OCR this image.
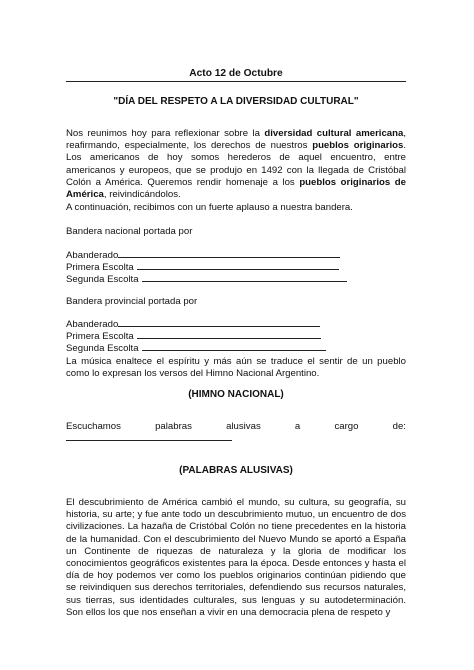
Acto 12 de Octubre
"DÍA DEL RESPETO A LA DIVERSIDAD CULTURAL"
Nos reunimos hoy para reflexionar sobre la diversidad cultural americana, reafirmando, especialmente, los derechos de nuestros pueblos originarios. Los americanos de hoy somos herederos de aquel encuentro, entre americanos y europeos, que se produjo en 1492 con la llegada de Cristóbal Colón a América. Queremos rendir homenaje a los pueblos originarios de América, reivindicándolos.
A continuación, recibimos con un fuerte aplauso a nuestra bandera.
Bandera nacional portada por
Abanderado
Primera Escolta
Segunda Escolta
Bandera provincial portada por
Abanderado
Primera Escolta
Segunda Escolta
La música enaltece el espíritu y más aún se traduce el sentir de un pueblo como lo expresan los versos del Himno Nacional Argentino.
(HIMNO NACIONAL)
Escuchamos	palabras	alusivas	a	cargo	de:
(PALABRAS ALUSIVAS)
El descubrimiento de América cambió el mundo, su cultura, su geografía, su historia, su arte; y fue ante todo un descubrimiento mutuo, un encuentro de dos civilizaciones. La hazaña de Cristóbal Colón no tiene precedentes en la historia de la humanidad. Con el descubrimiento del Nuevo Mundo se aportó a España un Continente de riquezas de naturaleza y la gloria de modificar los conocimientos geográficos existentes para la época. Desde entonces y hasta el día de hoy podemos ver como los pueblos originarios continúan pidiendo que se reivindiquen sus derechos territoriales, defendiendo sus recursos naturales, sus tierras, sus identidades culturales, sus lenguas y su autodeterminación. Son ellos los que nos enseñan a vivir en una democracia plena de respeto y
